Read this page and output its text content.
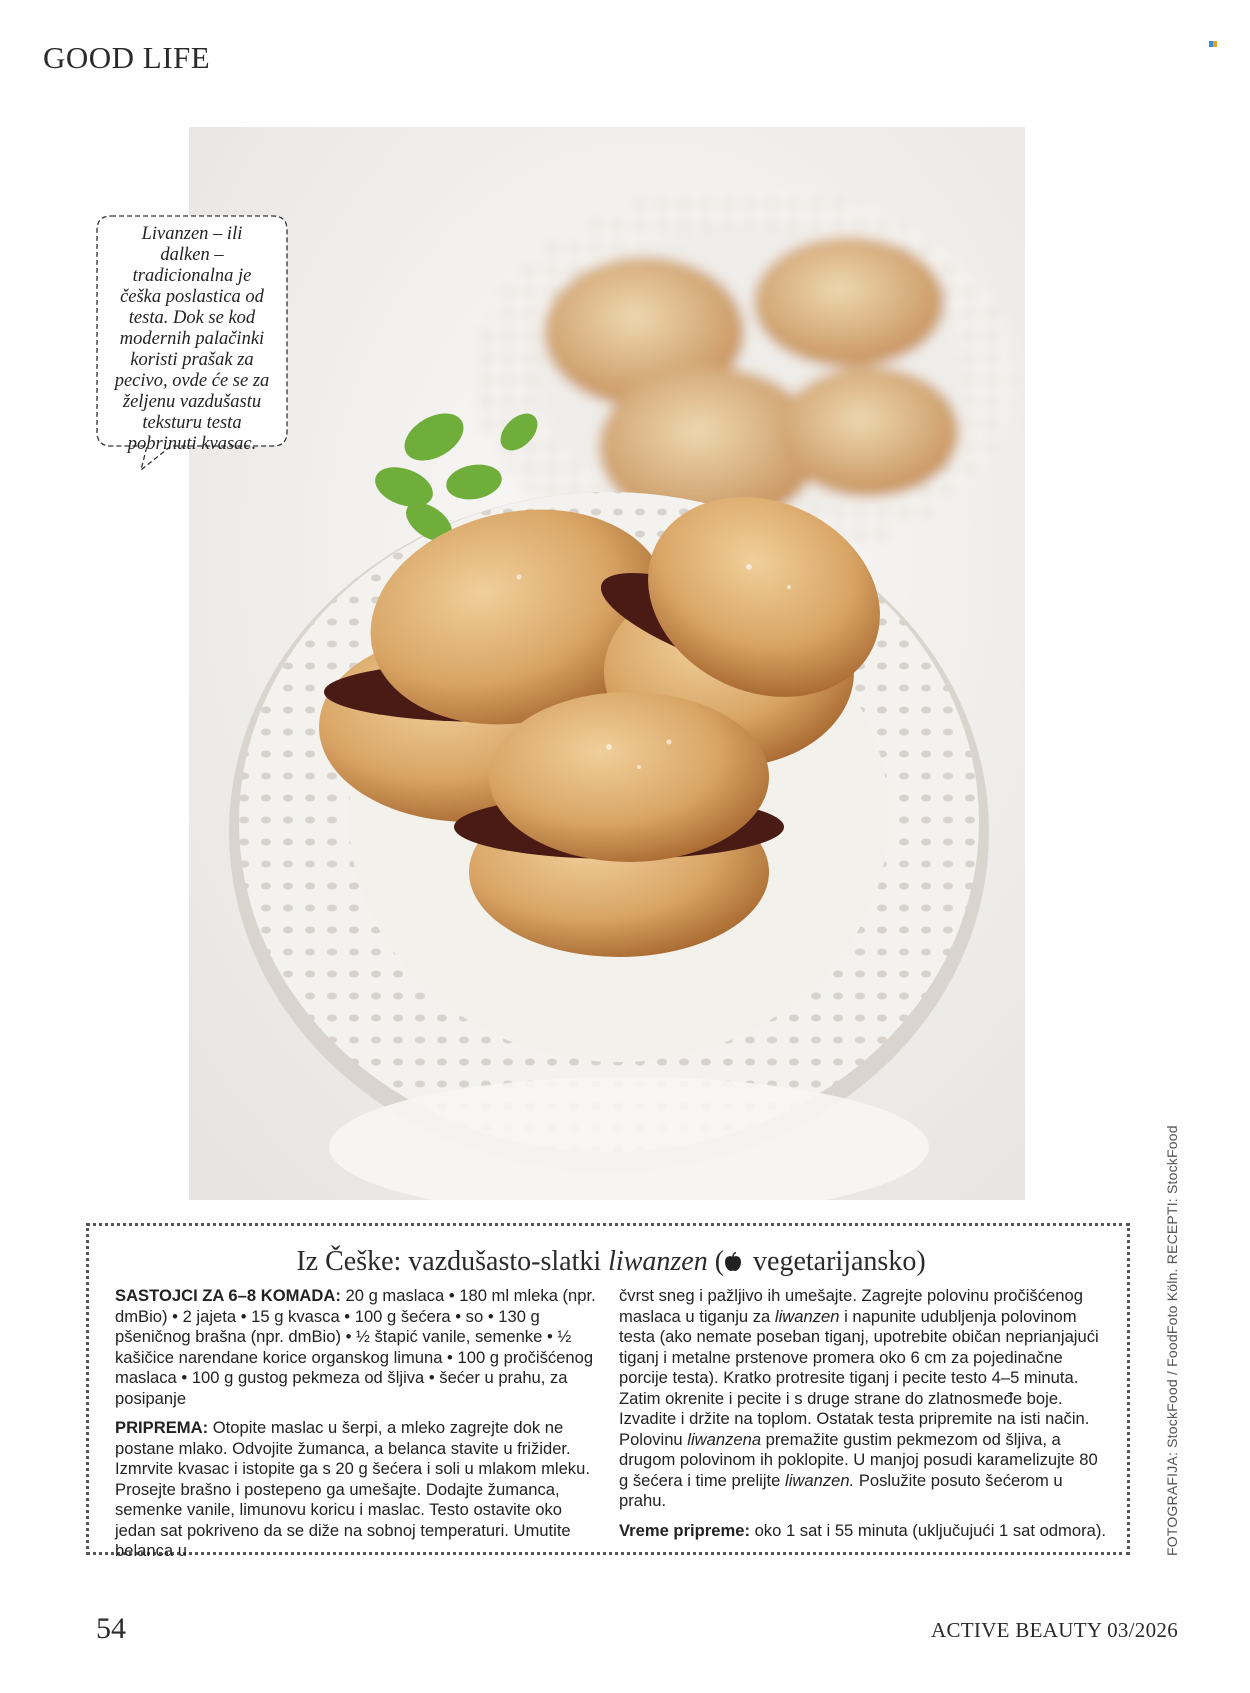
GOOD LIFE
Livanzen – ili
dalken –
tradicionalna je
češka poslastica od
testa. Dok se kod
modernih palačinki
koristi prašak za
pecivo, ovde će se za
željenu vazdušastu
teksturu testa
pobrinuti kvasac.
Iz Češke: vazdušasto-slatki liwanzen ( vegetarijansko)

SASTOJCI ZA 6–8 KOMADA: 20 g maslaca • 180 ml mleka (npr. dmBio) • 2 jajeta • 15 g kvasca • 100 g šećera • so • 130 g pšeničnog brašna (npr. dmBio) • ½ štapić vanile, semenke • ½ kašičice narendane korice organskog limuna • 100 g pročišćenog maslaca • 100 g gustog pekmeza od šljiva • šećer u prahu, za posipanje

PRIPREMA: Otopite maslac u šerpi, a mleko zagrejte dok ne postane mlako. Odvojite žumanca, a belanca stavite u frižider. Izmrvite kvasac i istopite ga s 20 g šećera i soli u mlakom mleku. Prosejte brašno i postepeno ga umešajte. Dodajte žumanca, semenke vanile, limunovu koricu i maslac. Testo ostavite oko jedan sat pokriveno da se diže na sobnoj temperaturi. Umutite belanca u

čvrst sneg i pažljivo ih umešajte. Zagrejte polovinu pročišćenog maslaca u tiganju za liwanzen i napunite udubljenja polovinom testa (ako nemate poseban tiganj, upotrebite običan neprianjajući tiganj i metalne prstenove promera oko 6 cm za pojedinačne porcije testa). Kratko protresite tiganj i pecite testo 4–5 minuta. Zatim okrenite i pecite i s druge strane do zlatnosmeđe boje. Izvadite i držite na toplom. Ostatak testa pripremite na isti način. Polovinu liwanzena premažite gustim pekmezom od šljiva, a drugom polovinom ih poklopite. U manjoj posudi karamelizujte 80 g šećera i time prelijte liwanzen. Poslužite posuto šećerom u prahu.

Vreme pripreme: oko 1 sat i 55 minuta (uključujući 1 sat odmora).	FOTOGRAFIJA: StockFood / FoodFoto Köln. RECEPTI: StockFood
54	ACTIVE BEAUTY 03/2026
